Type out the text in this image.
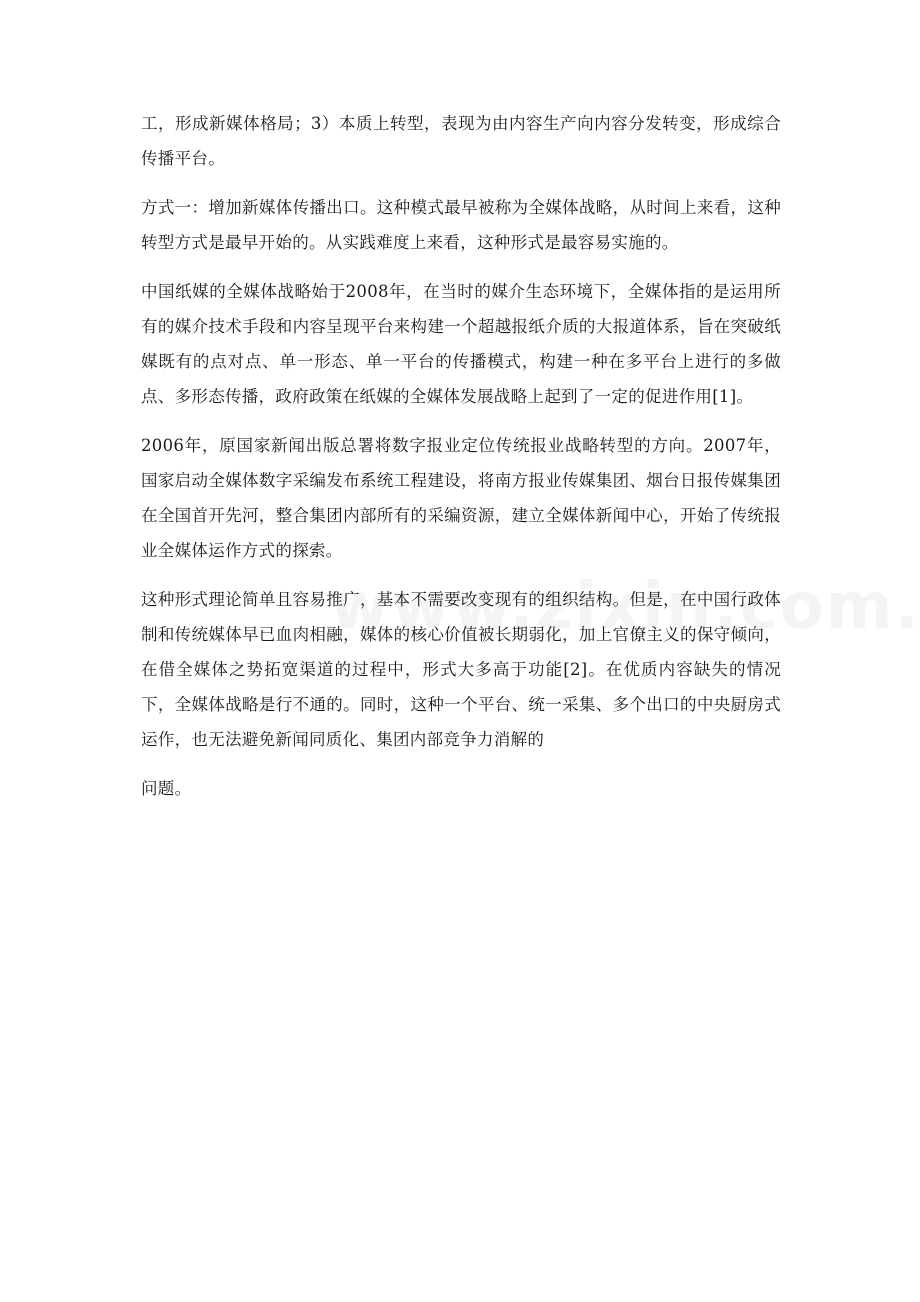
工，形成新媒体格局；3）本质上转型，表现为由内容生产向内容分发转变，形成综合传播平台。

方式一：增加新媒体传播出口。这种模式最早被称为全媒体战略，从时间上来看，这种转型方式是最早开始的。从实践难度上来看，这种形式是最容易实施的。

中国纸媒的全媒体战略始于2008年，在当时的媒介生态环境下，全媒体指的是运用所有的媒介技术手段和内容呈现平台来构建一个超越报纸介质的大报道体系，旨在突破纸媒既有的点对点、单一形态、单一平台的传播模式，构建一种在多平台上进行的多做点、多形态传播，政府政策在纸媒的全媒体发展战略上起到了一定的促进作用[1]。

2006年，原国家新闻出版总署将数字报业定位传统报业战略转型的方向。2007年，国家启动全媒体数字采编发布系统工程建设，将南方报业传媒集团、烟台日报传媒集团在全国首开先河，整合集团内部所有的采编资源，建立全媒体新闻中心，开始了传统报业全媒体运作方式的探索。

这种形式理论简单且容易推广，基本不需要改变现有的组织结构。但是，在中国行政体制和传统媒体早已血肉相融，媒体的核心价值被长期弱化，加上官僚主义的保守倾向，在借全媒体之势拓宽渠道的过程中，形式大多高于功能[2]。在优质内容缺失的情况下，全媒体战略是行不通的。同时，这种一个平台、统一采集、多个出口的中央厨房式运作，也无法避免新闻同质化、集团内部竞争力消解的

问题。
